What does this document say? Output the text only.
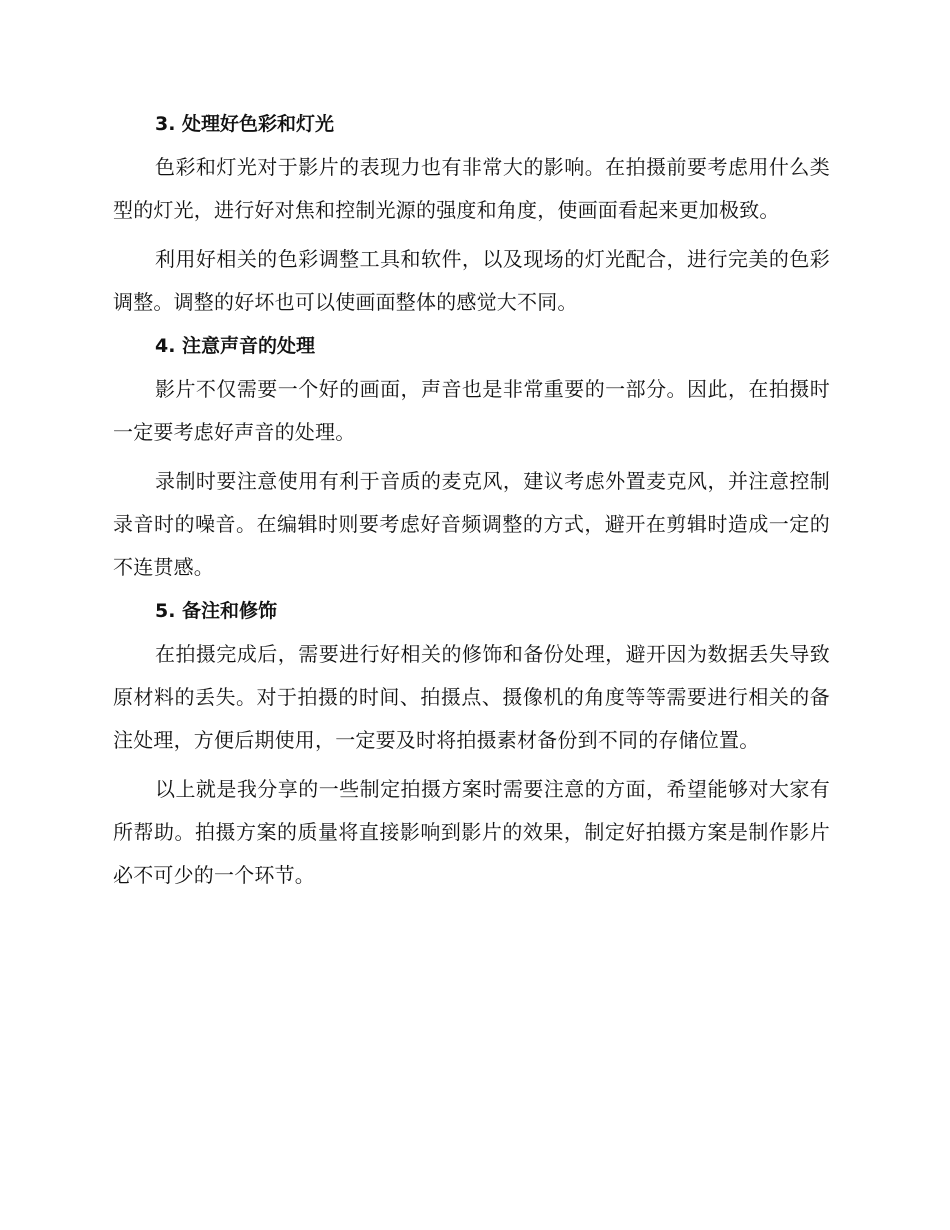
3. 处理好色彩和灯光

色彩和灯光对于影片的表现力也有非常大的影响。在拍摄前要考虑用什么类型的灯光，进行好对焦和控制光源的强度和角度，使画面看起来更加极致。

利用好相关的色彩调整工具和软件，以及现场的灯光配合，进行完美的色彩调整。调整的好坏也可以使画面整体的感觉大不同。

4. 注意声音的处理

影片不仅需要一个好的画面，声音也是非常重要的一部分。因此，在拍摄时一定要考虑好声音的处理。

录制时要注意使用有利于音质的麦克风，建议考虑外置麦克风，并注意控制录音时的噪音。在编辑时则要考虑好音频调整的方式，避开在剪辑时造成一定的不连贯感。

5. 备注和修饰

在拍摄完成后，需要进行好相关的修饰和备份处理，避开因为数据丢失导致原材料的丢失。对于拍摄的时间、拍摄点、摄像机的角度等等需要进行相关的备注处理，方便后期使用，一定要及时将拍摄素材备份到不同的存储位置。

以上就是我分享的一些制定拍摄方案时需要注意的方面，希望能够对大家有所帮助。拍摄方案的质量将直接影响到影片的效果，制定好拍摄方案是制作影片必不可少的一个环节。
